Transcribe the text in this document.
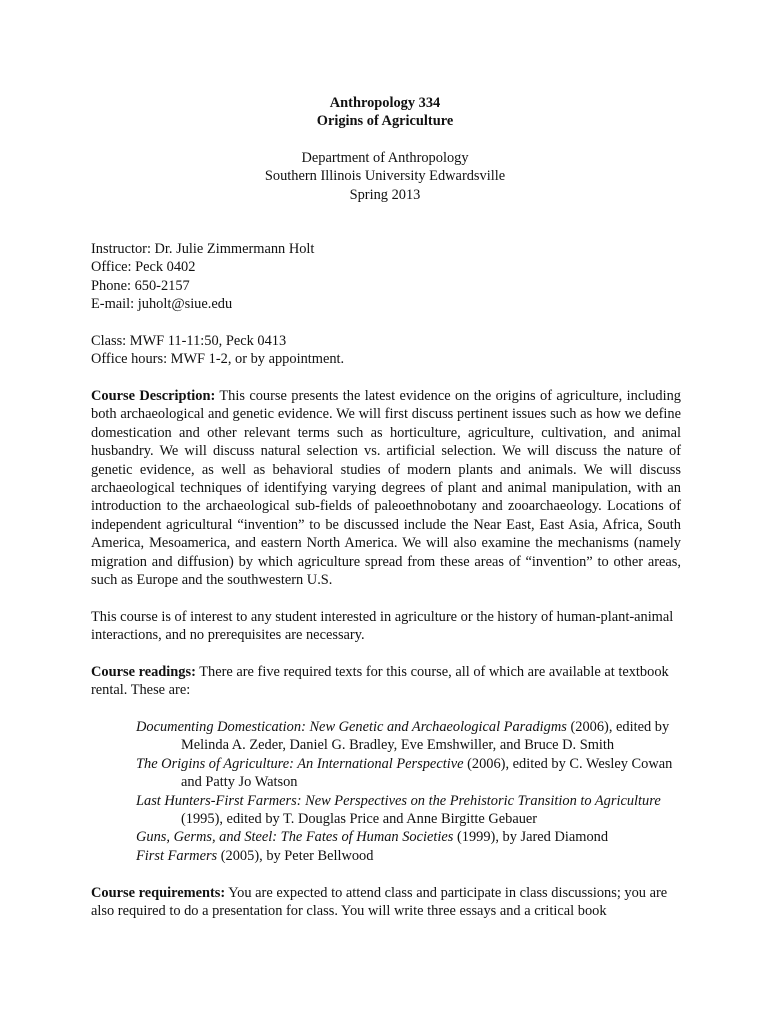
Anthropology 334

Origins of Agriculture

Department of Anthropology

Southern Illinois University Edwardsville

Spring 2013

Instructor: Dr. Julie Zimmermann Holt

Office: Peck 0402

Phone: 650-2157

E-mail: juholt@siue.edu

Class: MWF 11-11:50, Peck 0413

Office hours: MWF 1-2, or by appointment.

Course Description: This course presents the latest evidence on the origins of agriculture, including both archaeological and genetic evidence. We will first discuss pertinent issues such as how we define domestication and other relevant terms such as horticulture, agriculture, cultivation, and animal husbandry. We will discuss natural selection vs. artificial selection. We will discuss the nature of genetic evidence, as well as behavioral studies of modern plants and animals. We will discuss archaeological techniques of identifying varying degrees of plant and animal manipulation, with an introduction to the archaeological sub-fields of paleoethnobotany and zooarchaeology. Locations of independent agricultural “invention” to be discussed include the Near East, East Asia, Africa, South America, Mesoamerica, and eastern North America. We will also examine the mechanisms (namely migration and diffusion) by which agriculture spread from these areas of “invention” to other areas, such as Europe and the southwestern U.S.

This course is of interest to any student interested in agriculture or the history of human-plant-animal interactions, and no prerequisites are necessary.

Course readings: There are five required texts for this course, all of which are available at textbook rental. These are:

Documenting Domestication: New Genetic and Archaeological Paradigms (2006), edited by Melinda A. Zeder, Daniel G. Bradley, Eve Emshwiller, and Bruce D. Smith

The Origins of Agriculture: An International Perspective (2006), edited by C. Wesley Cowan and Patty Jo Watson

Last Hunters-First Farmers: New Perspectives on the Prehistoric Transition to Agriculture (1995), edited by T. Douglas Price and Anne Birgitte Gebauer

Guns, Germs, and Steel: The Fates of Human Societies (1999), by Jared Diamond

First Farmers (2005), by Peter Bellwood

Course requirements: You are expected to attend class and participate in class discussions; you are also required to do a presentation for class. You will write three essays and a critical book
